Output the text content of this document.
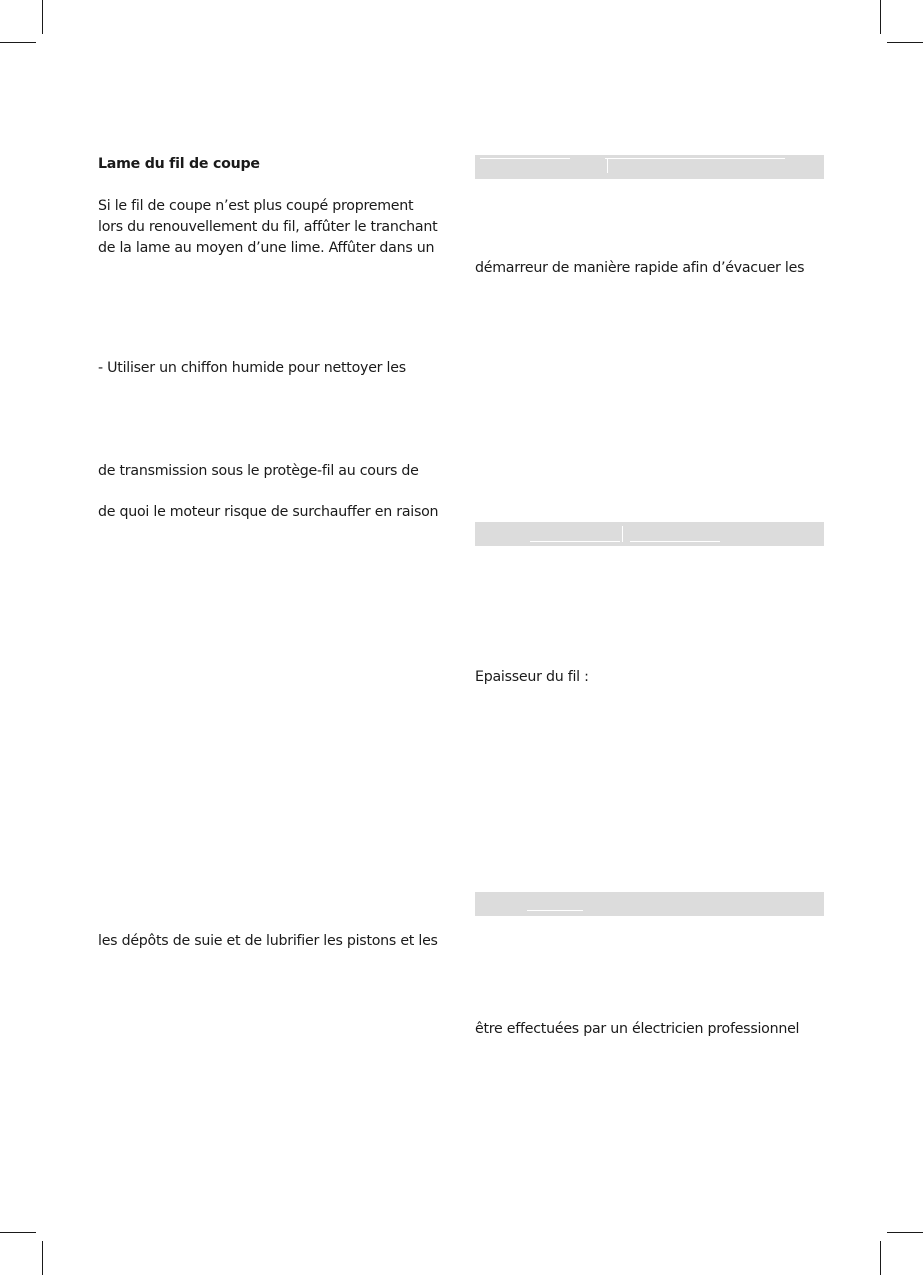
Lame du fil de coupe
Si le fil de coupe n’est plus coupé proprement
lors du renouvellement du fil, affûter le tranchant
de la lame au moyen d’une lime. Affûter dans un
- Utiliser un chiffon humide pour nettoyer les
de transmission sous le protège-fil au cours de
de quoi le moteur risque de surchauffer en raison
les dépôts de suie et de lubrifier les pistons et les
démarreur de manière rapide afin d’évacuer les
Epaisseur du fil :
être effectuées par un électricien professionnel
